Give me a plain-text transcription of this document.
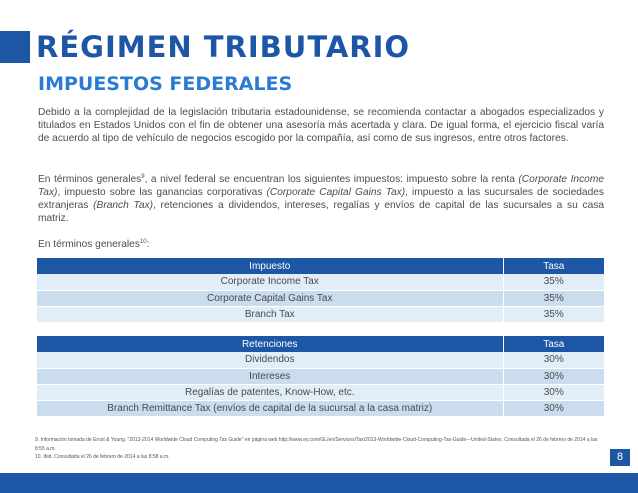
RÉGIMEN TRIBUTARIO
IMPUESTOS FEDERALES

Debido a la complejidad de la legislación tributaria estadounidense, se recomienda contactar a abogados especializados y titulados en Estados Unidos con el fin de obtener una asesoría más acertada y clara. De igual forma, el ejercicio fiscal varía de acuerdo al tipo de vehículo de negocios escogido por la compañía, así como de sus ingresos, entre otros factores.

En términos generales$^9$, a nivel federal se encuentran los siguientes impuestos: impuesto sobre la renta (Corporate Income Tax), impuesto sobre las ganancias corporativas (Corporate Capital Gains Tax), impuesto a las sucursales de sociedades extranjeras (Branch Tax), retenciones a dividendos, intereses, regalías y envíos de capital de las sucursales a su casa matriz.

En términos generales$^{10}$:

Impuesto	Tasa
Corporate Income Tax	35%
Corporate Capital Gains Tax	35%
Branch Tax	35%
Retenciones	Tasa
Dividendos	30%
Intereses	30%
Regalías de patentes, Know-How, etc.	30%
Branch Remittance Tax (envíos de capital de la sucursal a la casa matriz)	30%
9. Información tomada de Ernst & Young. "2013-2014 Worldwide Cloud Computing Tax Guide" en página web http://www.ey.com/GL/en/Services/Tax/2013-Worldwide-Cloud-Computing-Tax-Guide---United-States. Consultada el 26 de febrero de 2014 a las 8:55 a.m.
10. Ibid. Consultada el 26 de febrero de 2014 a las 8:58 a.m.	8
